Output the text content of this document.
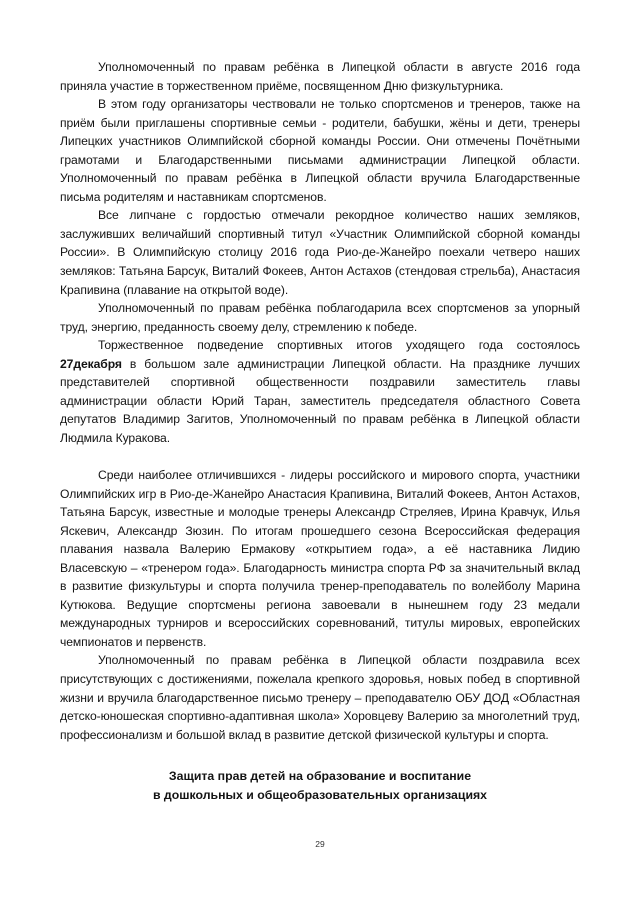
Уполномоченный по правам ребёнка в Липецкой области в августе 2016 года приняла участие в торжественном приёме, посвященном Дню физкультурника.

В этом году организаторы чествовали не только спортсменов и тренеров, также на приём были приглашены спортивные семьи - родители, бабушки, жёны и дети, тренеры Липецких участников Олимпийской сборной команды России. Они отмечены Почётными грамотами и Благодарственными письмами администрации Липецкой области. Уполномоченный по правам ребёнка в Липецкой области вручила Благодарственные письма родителям и наставникам спортсменов.

Все липчане с гордостью отмечали рекордное количество наших земляков, заслуживших величайший спортивный титул «Участник Олимпийской сборной команды России». В Олимпийскую столицу 2016 года Рио-де-Жанейро поехали четверо наших земляков: Татьяна Барсук, Виталий Фокеев, Антон Астахов (стендовая стрельба), Анастасия Крапивина (плавание на открытой воде).

Уполномоченный по правам ребёнка поблагодарила всех спортсменов за упорный труд, энергию, преданность своему делу, стремлению к победе.

Торжественное подведение спортивных итогов уходящего года состоялось 27декабря в большом зале администрации Липецкой области. На празднике лучших представителей спортивной общественности поздравили заместитель главы администрации области Юрий Таран, заместитель председателя областного Совета депутатов Владимир Загитов, Уполномоченный по правам ребёнка в Липецкой области Людмила Куракова.

Среди наиболее отличившихся - лидеры российского и мирового спорта, участники Олимпийских игр в Рио-де-Жанейро Анастасия Крапивина, Виталий Фокеев, Антон Астахов, Татьяна Барсук, известные и молодые тренеры Александр Стреляев, Ирина Кравчук, Илья Яскевич, Александр Зюзин. По итогам прошедшего сезона Всероссийская федерация плавания назвала Валерию Ермакову «открытием года», а её наставника Лидию Власевскую – «тренером года». Благодарность министра спорта РФ за значительный вклад в развитие физкультуры и спорта получила тренер-преподаватель по волейболу Марина Кутюкова. Ведущие спортсмены региона завоевали в нынешнем году 23 медали международных турниров и всероссийских соревнований, титулы мировых, европейских чемпионатов и первенств.

Уполномоченный по правам ребёнка в Липецкой области поздравила всех присутствующих с достижениями, пожелала крепкого здоровья, новых побед в спортивной жизни и вручила благодарственное письмо тренеру – преподавателю ОБУ ДОД «Областная детско-юношеская спортивно-адаптивная школа» Хоровцеву Валерию за многолетний труд, профессионализм и большой вклад в развитие детской физической культуры и спорта.

Защита прав детей на образование и воспитание
в дошкольных и общеобразовательных организациях
29
